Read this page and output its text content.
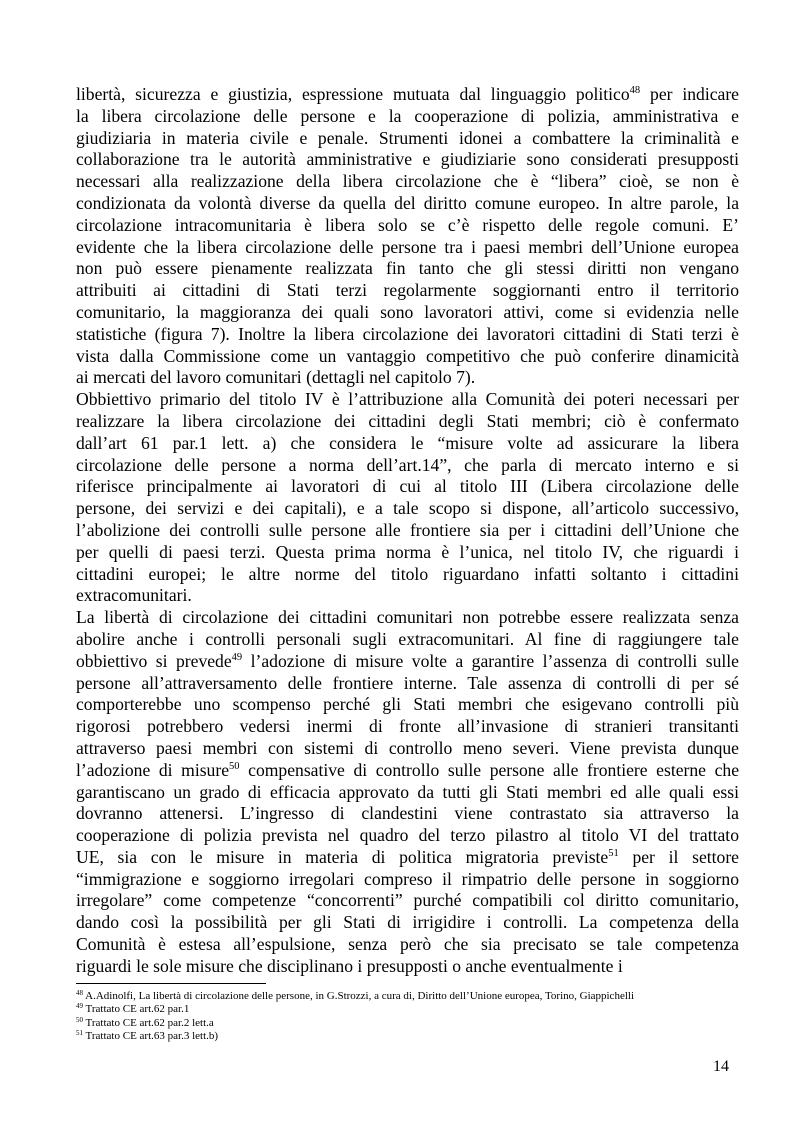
libertà, sicurezza e giustizia, espressione mutuata dal linguaggio politico$^{48}$ per indicare
la libera circolazione delle persone e la cooperazione di polizia, amministrativa e
giudiziaria in materia civile e penale. Strumenti idonei a combattere la criminalità e
collaborazione tra le autorità amministrative e giudiziarie sono considerati presupposti
necessari alla realizzazione della libera circolazione che è “libera” cioè, se non è
condizionata da volontà diverse da quella del diritto comune europeo. In altre parole, la
circolazione intracomunitaria è libera solo se c’è rispetto delle regole comuni. E’
evidente che la libera circolazione delle persone tra i paesi membri dell’Unione europea
non può essere pienamente realizzata fin tanto che gli stessi diritti non vengano
attribuiti ai cittadini di Stati terzi regolarmente soggiornanti entro il territorio
comunitario, la maggioranza dei quali sono lavoratori attivi, come si evidenzia nelle
statistiche (figura 7). Inoltre la libera circolazione dei lavoratori cittadini di Stati terzi è
vista dalla Commissione come un vantaggio competitivo che può conferire dinamicità
ai mercati del lavoro comunitari (dettagli nel capitolo 7).

Obbiettivo primario del titolo IV è l’attribuzione alla Comunità dei poteri necessari per
realizzare la libera circolazione dei cittadini degli Stati membri; ciò è confermato
dall’art 61 par.1 lett. a) che considera le “misure volte ad assicurare la libera
circolazione delle persone a norma dell’art.14”, che parla di mercato interno e si
riferisce principalmente ai lavoratori di cui al titolo III (Libera circolazione delle
persone, dei servizi e dei capitali), e a tale scopo si dispone, all’articolo successivo,
l’abolizione dei controlli sulle persone alle frontiere sia per i cittadini dell’Unione che
per quelli di paesi terzi. Questa prima norma è l’unica, nel titolo IV, che riguardi i
cittadini europei; le altre norme del titolo riguardano infatti soltanto i cittadini
extracomunitari.

La libertà di circolazione dei cittadini comunitari non potrebbe essere realizzata senza
abolire anche i controlli personali sugli extracomunitari. Al fine di raggiungere tale
obbiettivo si prevede$^{49}$ l’adozione di misure volte a garantire l’assenza di controlli sulle
persone all’attraversamento delle frontiere interne. Tale assenza di controlli di per sé
comporterebbe uno scompenso perché gli Stati membri che esigevano controlli più
rigorosi potrebbero vedersi inermi di fronte all’invasione di stranieri transitanti
attraverso paesi membri con sistemi di controllo meno severi. Viene prevista dunque
l’adozione di misure$^{50}$ compensative di controllo sulle persone alle frontiere esterne che
garantiscano un grado di efficacia approvato da tutti gli Stati membri ed alle quali essi
dovranno attenersi. L’ingresso di clandestini viene contrastato sia attraverso la
cooperazione di polizia prevista nel quadro del terzo pilastro al titolo VI del trattato
UE, sia con le misure in materia di politica migratoria previste$^{51}$ per il settore
“immigrazione e soggiorno irregolari compreso il rimpatrio delle persone in soggiorno
irregolare” come competenze “concorrenti” purché compatibili col diritto comunitario,
dando così la possibilità per gli Stati di irrigidire i controlli. La competenza della
Comunità è estesa all’espulsione, senza però che sia precisato se tale competenza
riguardi le sole misure che disciplinano i presupposti o anche eventualmente i

$^{48}$ A.Adinolfi, La libertà di circolazione delle persone, in G.Strozzi, a cura di, Diritto dell’Unione europea, Torino, Giappichelli
$^{49}$ Trattato CE art.62 par.1
$^{50}$ Trattato CE art.62 par.2 lett.a
$^{51}$ Trattato CE art.63 par.3 lett.b)
14
